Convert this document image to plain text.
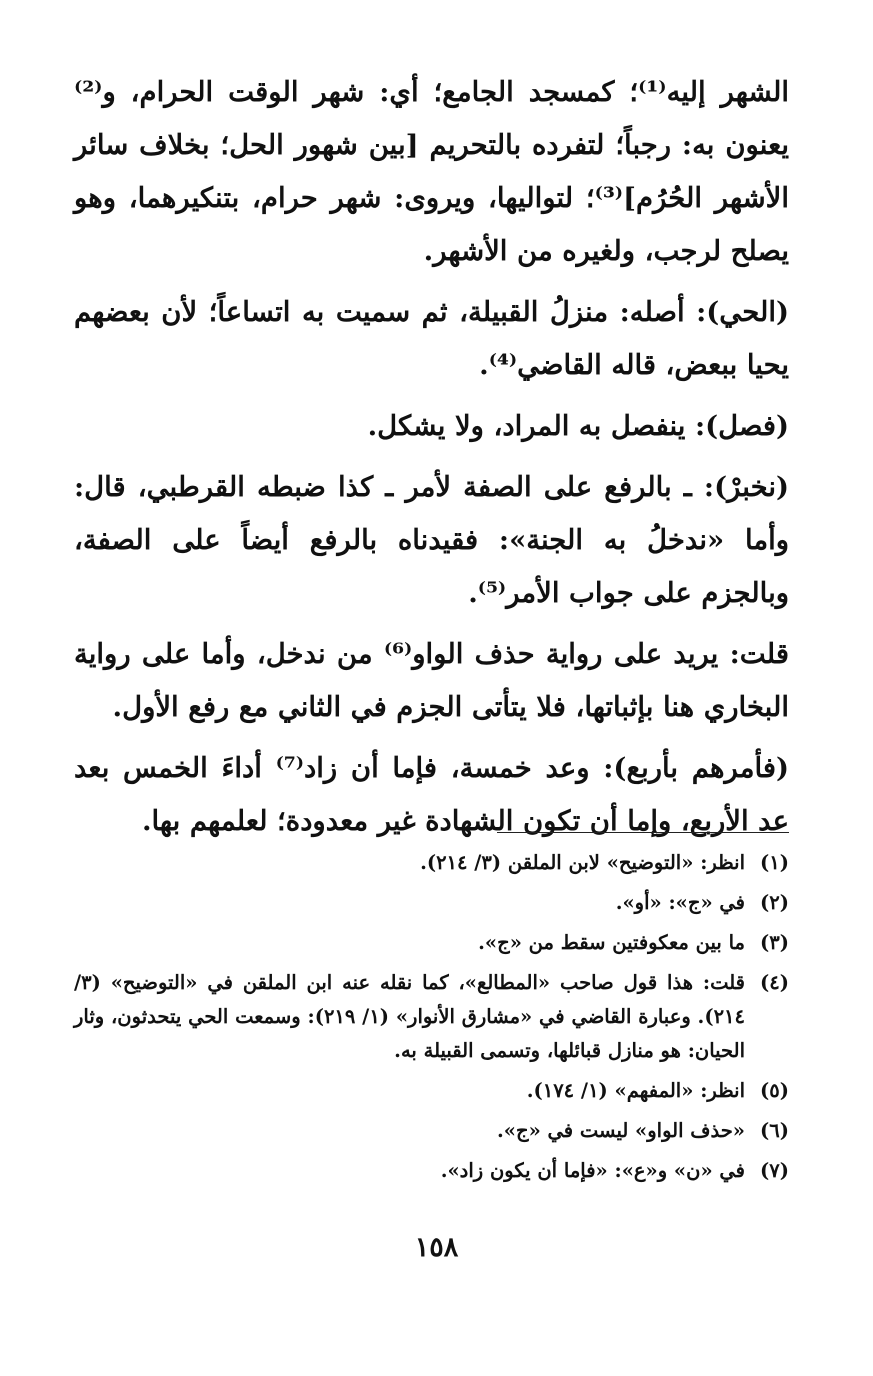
الشهر إليه⁽¹⁾؛ كمسجد الجامع؛ أي: شهر الوقت الحرام، و⁽²⁾يعنون به: رجباً؛ لتفرده بالتحريم [بين شهور الحل؛ بخلاف سائر الأشهر الحُرُم]⁽³⁾؛ لتواليها، ويروى: شهر حرام، بتنكيرهما، وهو يصلح لرجب، ولغيره من الأشهر.

(الحي): أصله: منزلُ القبيلة، ثم سميت به اتساعاً؛ لأن بعضهم يحيا ببعض، قاله القاضي⁽⁴⁾.

(فصل): ينفصل به المراد، ولا يشكل.

(نخبرْ): ـ بالرفع على الصفة لأمر ـ كذا ضبطه القرطبي، قال: وأما «ندخلُ به الجنة»: فقيدناه بالرفع أيضاً على الصفة، وبالجزم على جواب الأمر⁽⁵⁾.

قلت: يريد على رواية حذف الواو⁽⁶⁾ من ندخل، وأما على رواية البخاري هنا بإثباتها، فلا يتأتى الجزم في الثاني مع رفع الأول.

(فأمرهم بأربع): وعد خمسة، فإما أن زاد⁽⁷⁾ أداءَ الخمس بعد عد الأربع، وإما أن تكون الشهادة غير معدودة؛ لعلمهم بها.

(١)
انظر: «التوضيح» لابن الملقن (٣/ ٢١٤).
(٢)
في «ج»: «أو».
(٣)
ما بين معكوفتين سقط من «ج».
(٤)
قلت: هذا قول صاحب «المطالع»، كما نقله عنه ابن الملقن في «التوضيح» (٣/ ٢١٤). وعبارة القاضي في «مشارق الأنوار» (١/ ٢١٩): وسمعت الحي يتحدثون، وثار الحيان: هو منازل قبائلها، وتسمى القبيلة به.
(٥)
انظر: «المفهم» (١/ ١٧٤).
(٦)
«حذف الواو» ليست في «ج».
(٧)
في «ن» و«ع»: «فإما أن يكون زاد».
١٥٨
